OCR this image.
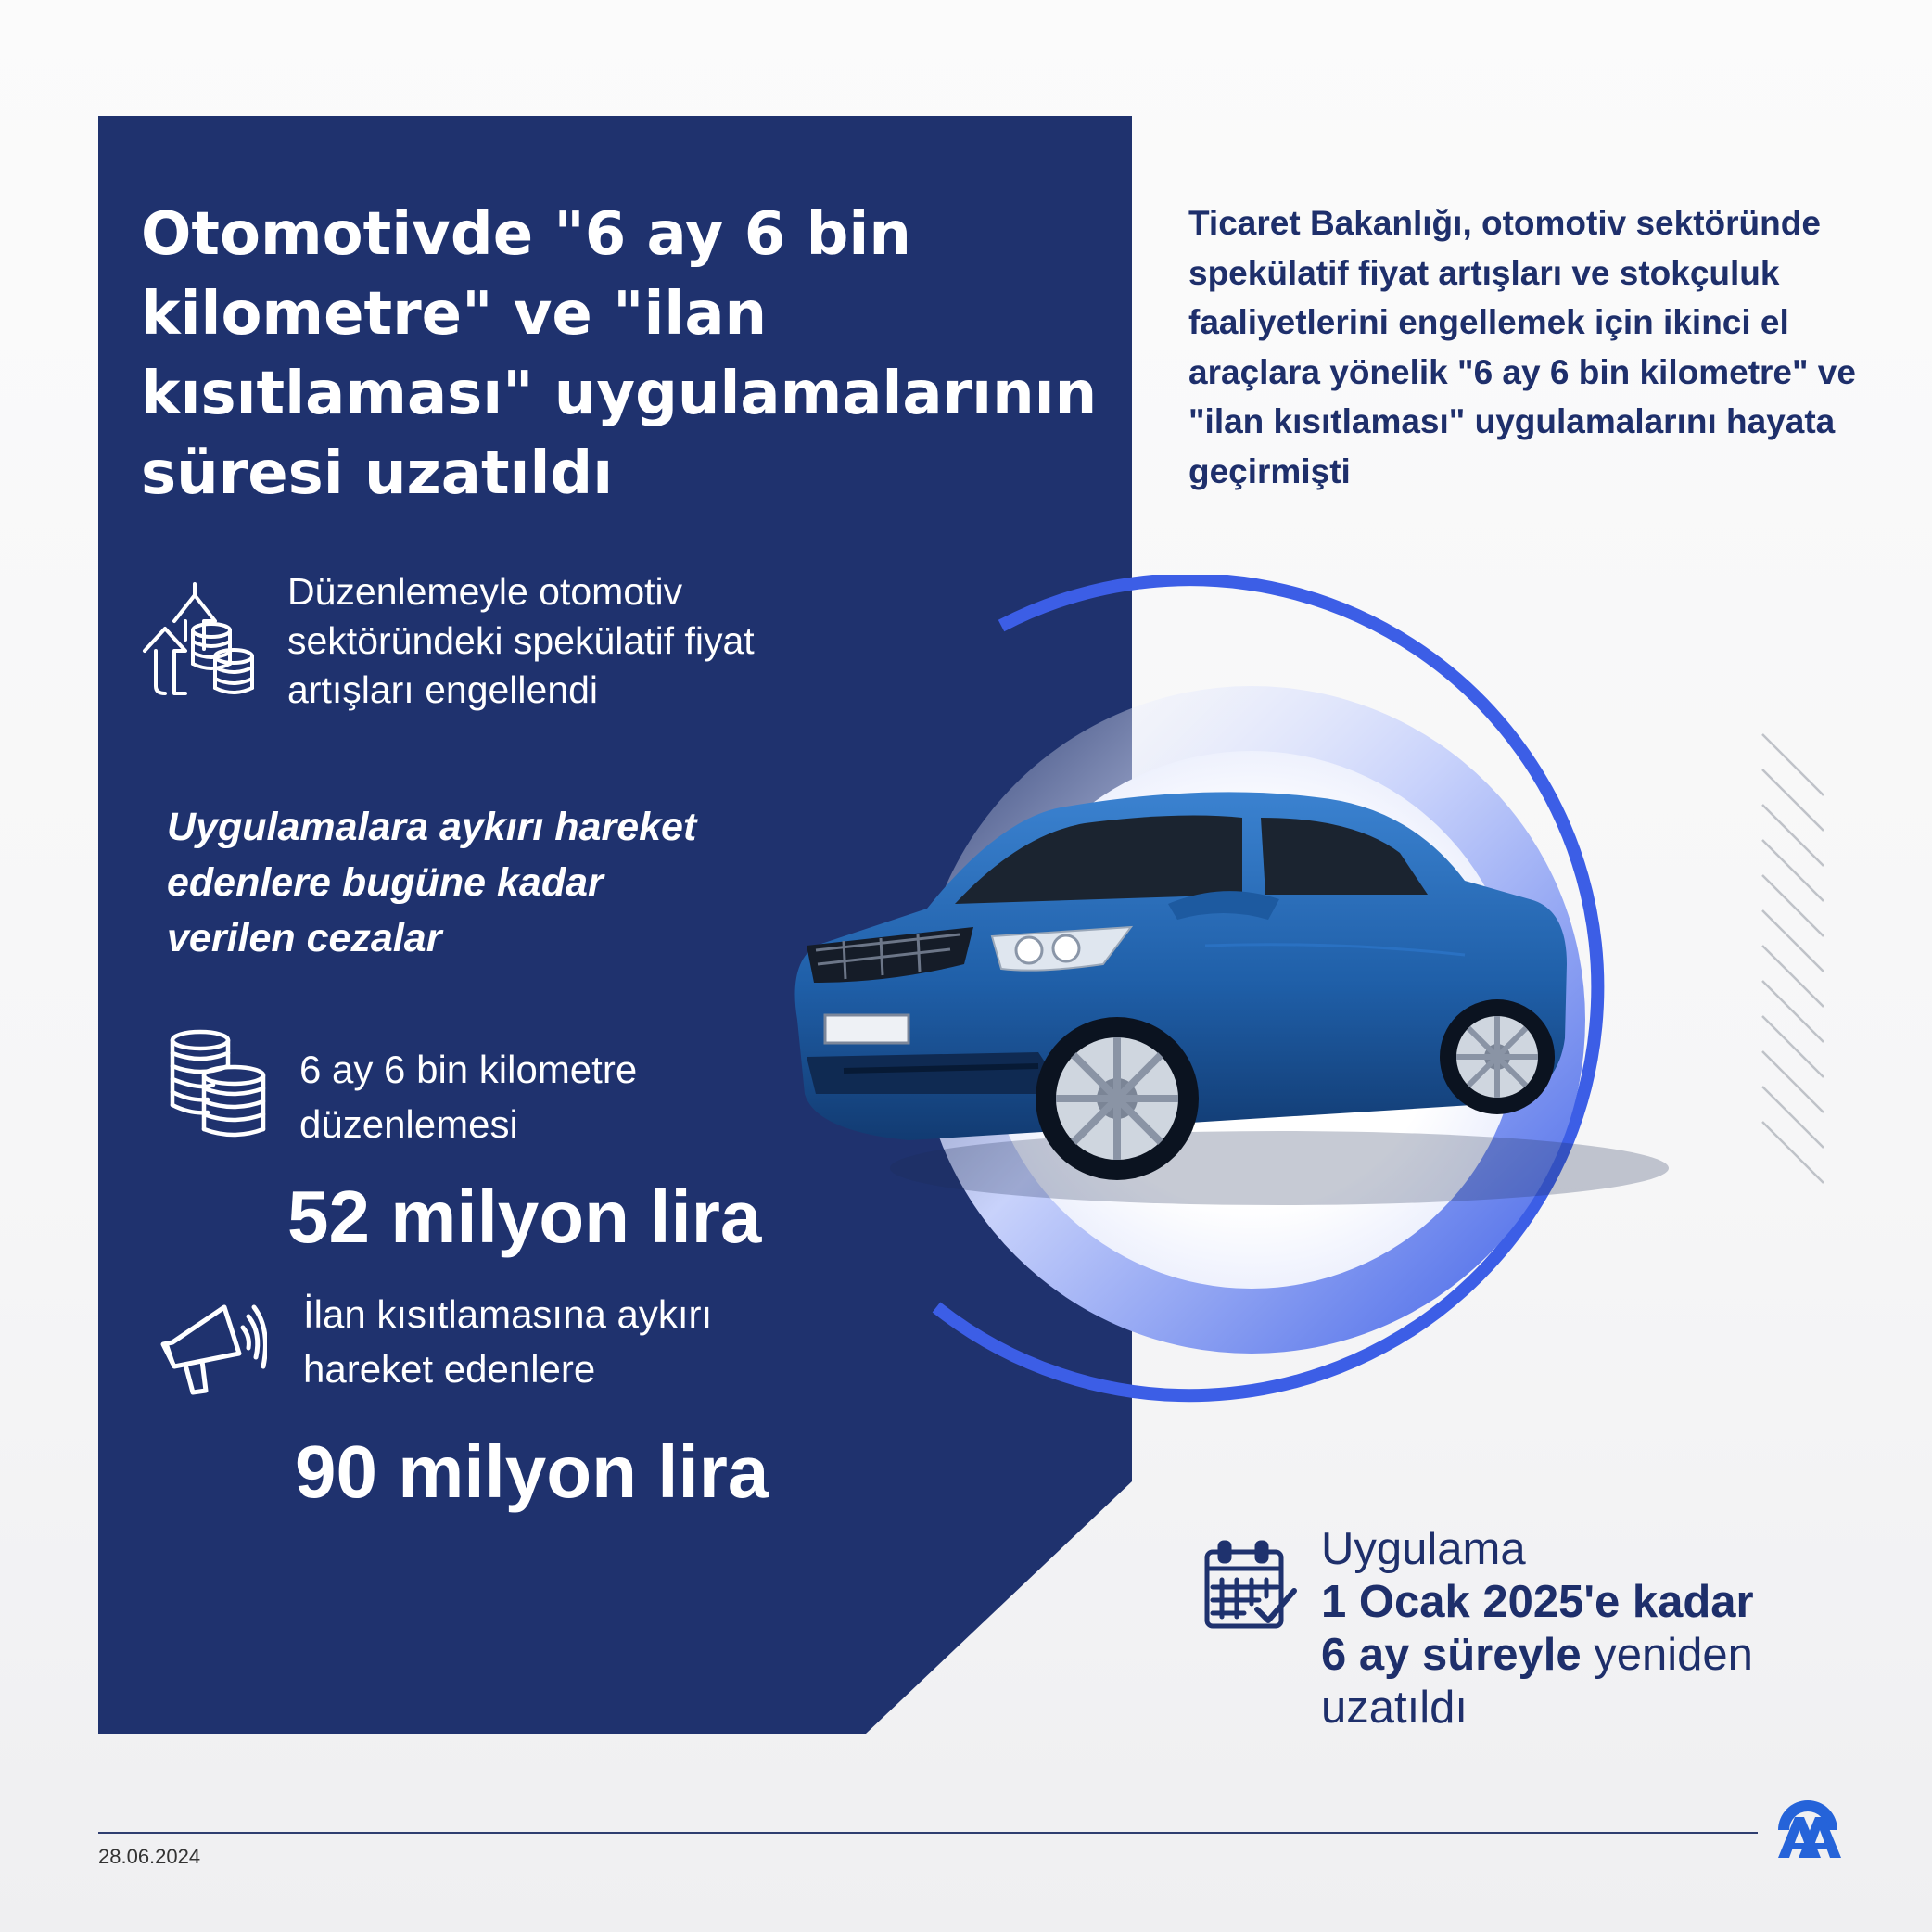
Otomotivde "6 ay 6 bin kilometre" ve "ilan kısıtlaması" uygulamalarının süresi uzatıldı

Ticaret Bakanlığı, otomotiv sektöründe spekülatif fiyat artışları ve stokçuluk faaliyetlerini engellemek için ikinci el araçlara yönelik "6 ay 6 bin kilometre" ve "ilan kısıtlaması" uygulamalarını hayata geçirmişti

Düzenlemeyle otomotiv sektöründeki spekülatif fiyat artışları engellendi

Uygulamalara aykırı hareket edenlere bugüne kadar verilen cezalar

6 ay 6 bin kilometre düzenlemesi

52 milyon lira

İlan kısıtlamasına aykırı hareket edenlere

90 milyon lira

Uygulama
1 Ocak 2025'e kadar
6 ay süreyle yeniden
uzatıldı
28.06.2024
